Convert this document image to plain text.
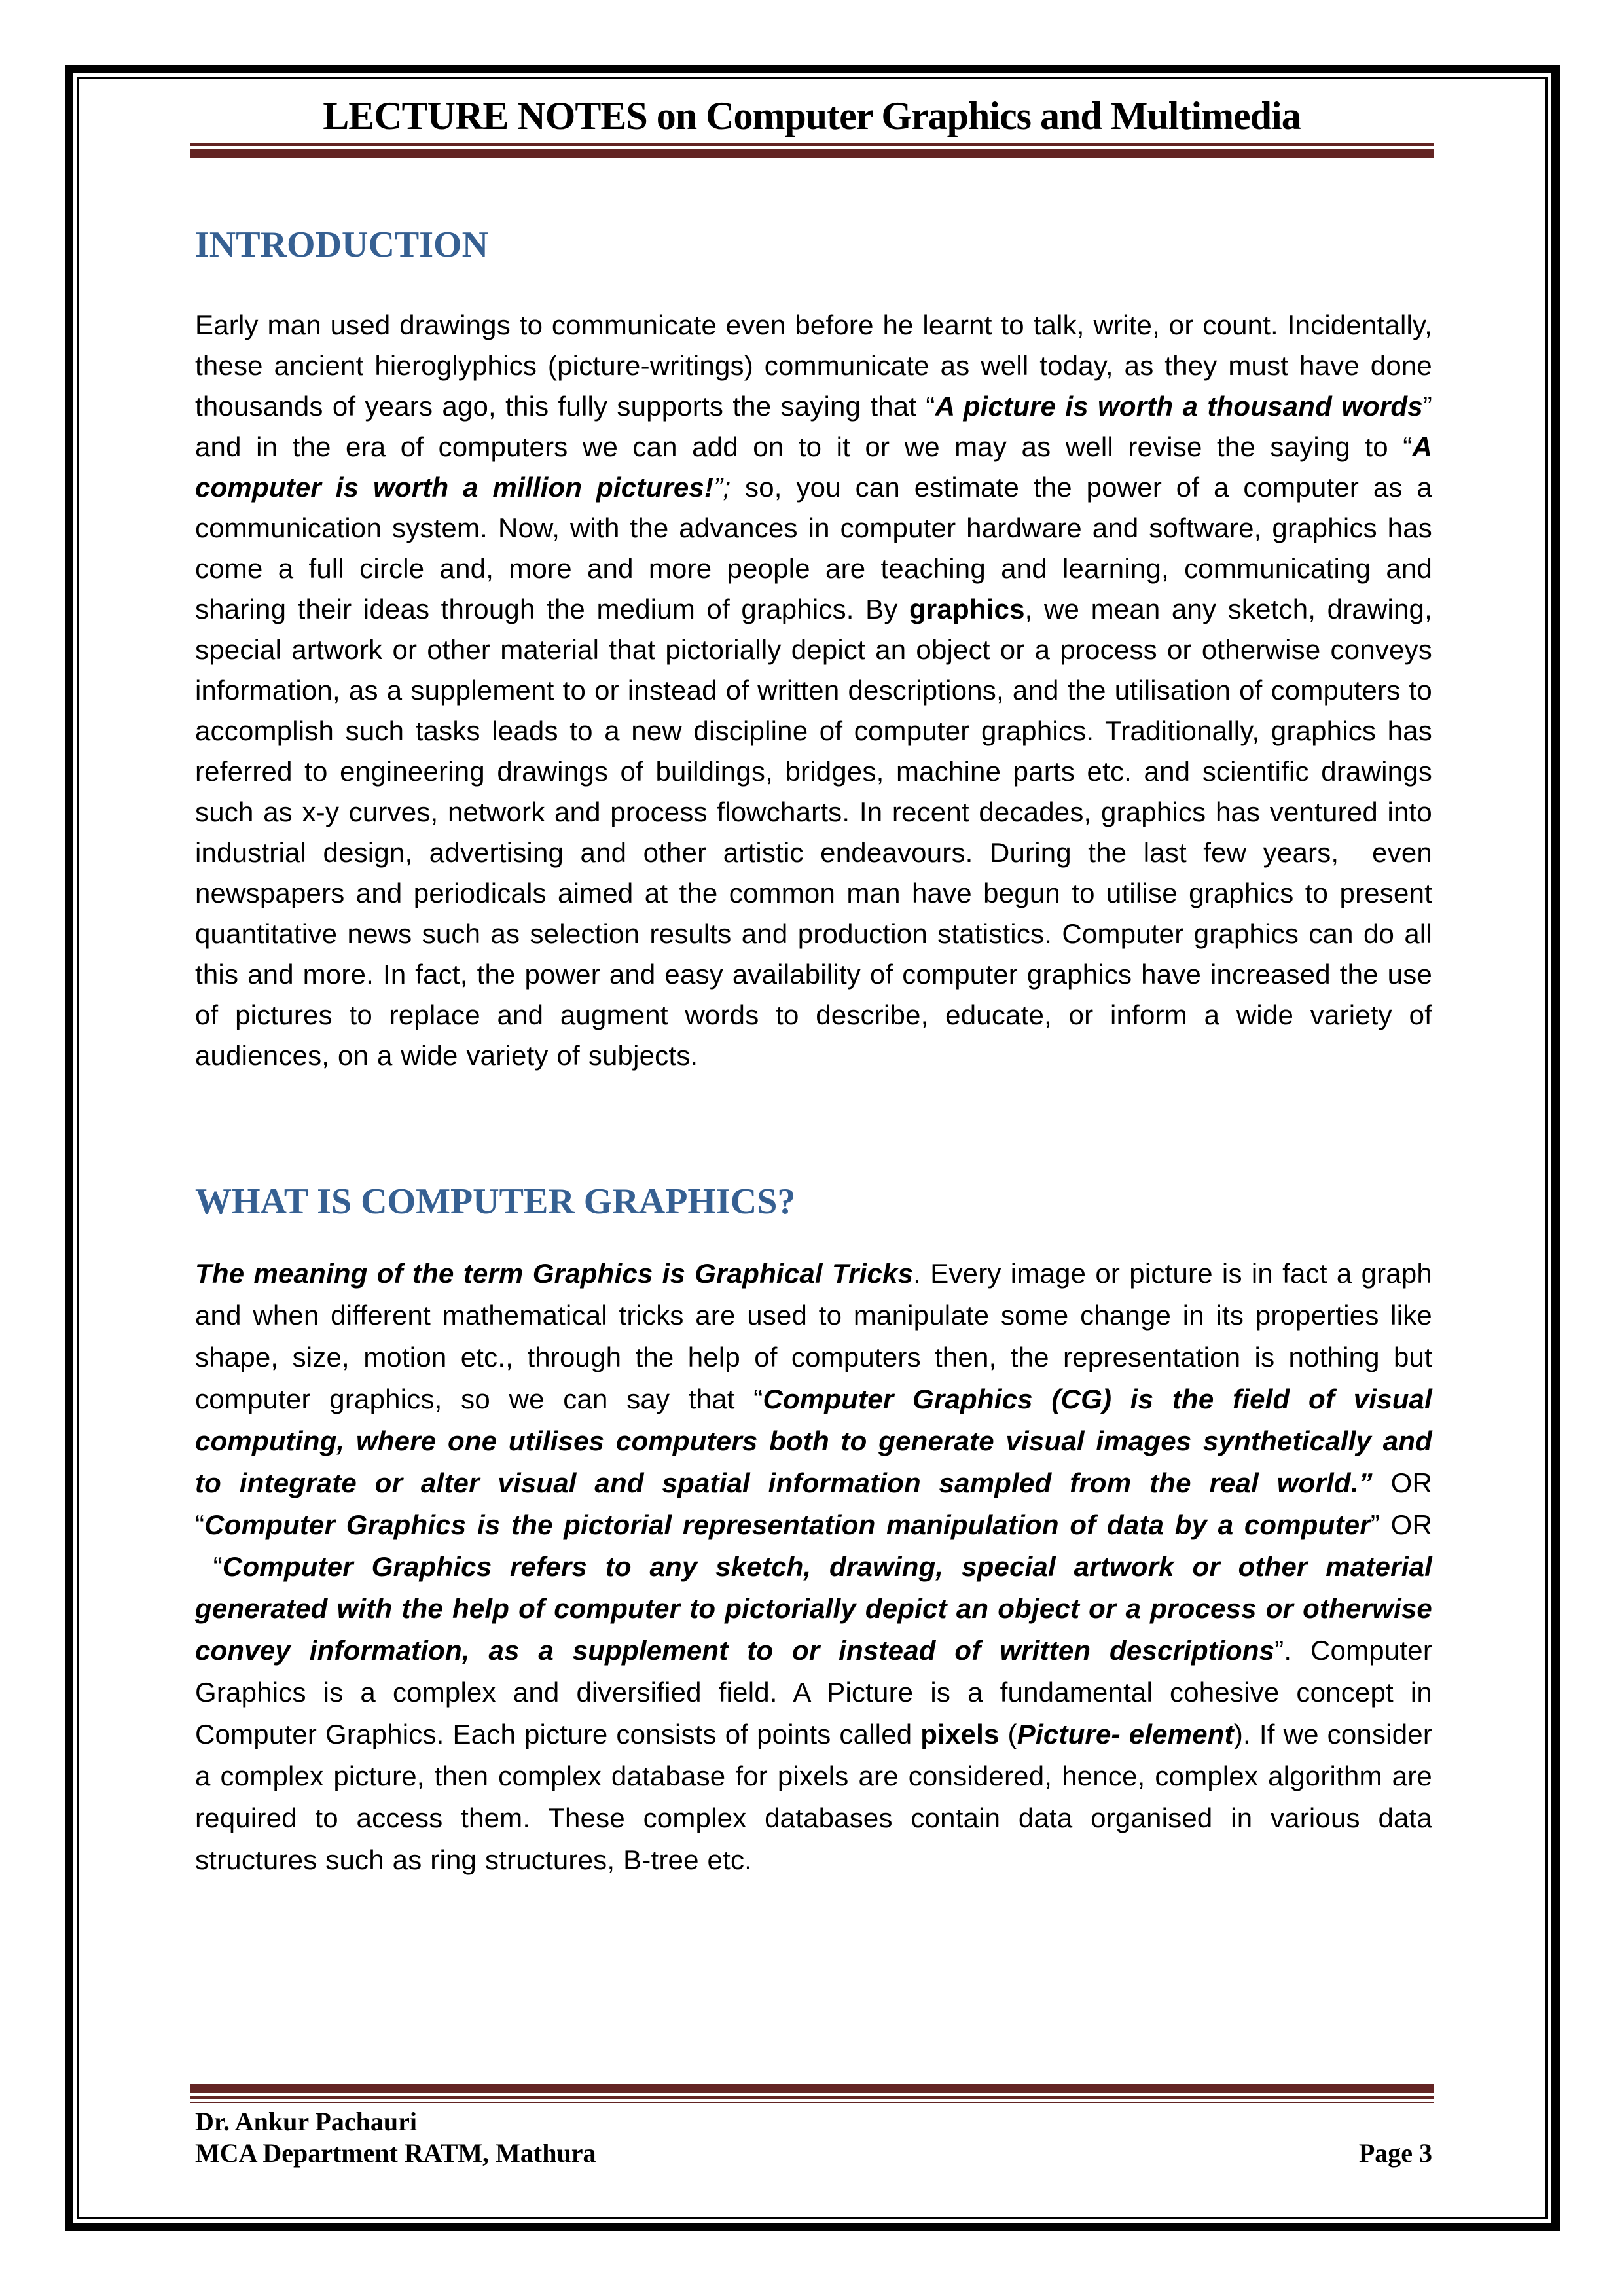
LECTURE NOTES on Computer Graphics and Multimedia
INTRODUCTION

Early man used drawings to communicate even before he learnt to talk, write, or count. Incidentally, these ancient hieroglyphics (picture-writings) communicate as well today, as they must have done thousands of years ago, this fully supports the saying that “A picture is worth a thousand words” and in the era of computers we can add on to it or we may as well revise the saying to “A computer is worth a million pictures!”; so, you can estimate the power of a computer as a communication system. Now, with the advances in computer hardware and software, graphics has come a full circle and, more and more people are teaching and learning, communicating and sharing their ideas through the medium of graphics. By graphics, we mean any sketch, drawing, special artwork or other material that pictorially depict an object or a process or otherwise conveys information, as a supplement to or instead of written descriptions, and the utilisation of computers to accomplish such tasks leads to a new discipline of computer graphics. Traditionally, graphics has referred to engineering drawings of buildings, bridges, machine parts etc. and scientific drawings such as x-y curves, network and process flowcharts. In recent decades, graphics has ventured into industrial design, advertising and other artistic endeavours. During the last few years,  even newspapers and periodicals aimed at the common man have begun to utilise graphics to present quantitative news such as selection results and production statistics. Computer graphics can do all this and more. In fact, the power and easy availability of computer graphics have increased the use of pictures to replace and augment words to describe, educate, or inform a wide variety of audiences, on a wide variety of subjects.

WHAT IS COMPUTER GRAPHICS?

The meaning of the term Graphics is Graphical Tricks. Every image or picture is in fact a graph and when different mathematical tricks are used to manipulate some change in its properties like shape, size, motion etc., through the help of computers then, the representation is nothing but computer graphics, so we can say that “Computer Graphics (CG) is the field of visual computing, where one utilises computers both to generate visual images synthetically and to integrate or alter visual and spatial information sampled from the real world.” OR “Computer Graphics is the pictorial representation manipulation of data by a computer” OR  “Computer Graphics refers to any sketch, drawing, special artwork or other material generated with the help of computer to pictorially depict an object or a process or otherwise convey information, as a supplement to or instead of written descriptions”. Computer Graphics is a complex and diversified field. A Picture is a fundamental cohesive concept in Computer Graphics. Each picture consists of points called pixels (Picture- element). If we consider a complex picture, then complex database for pixels are considered, hence, complex algorithm are required to access them. These complex databases contain data organised in various data structures such as ring structures, B-tree etc.

Dr. Ankur Pachauri
MCA Department RATM, Mathura	Page 3
